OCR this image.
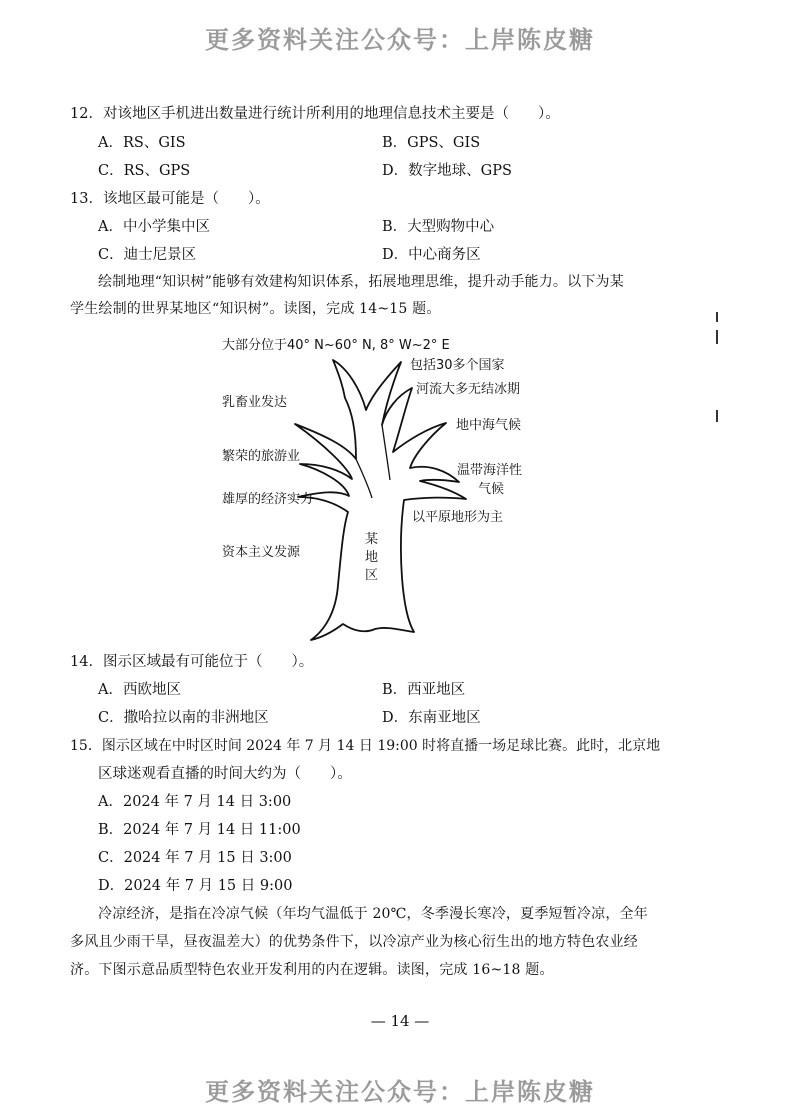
更多资料关注公众号：上岸陈皮糖
12．对该地区手机进出数量进行统计所利用的地理信息技术主要是（　　）。
A．RS、GIS	B．GPS、GIS
C．RS、GPS	D．数字地球、GPS
13．该地区最可能是（　　）。
A．中小学集中区	B．大型购物中心
C．迪士尼景区	D．中心商务区
绘制地理“知识树”能够有效建构知识体系，拓展地理思维，提升动手能力。以下为某
学生绘制的世界某地区“知识树”。读图，完成 14~15 题。
大部分位于40° N~60° N, 8° W~2° E
包括30多个国家
河流大多无结冰期
乳畜业发达
地中海气候
繁荣的旅游业
温带海洋性
气候
雄厚的经济实力
以平原地形为主
资本主义发源
某
地
区
14．图示区域最有可能位于（　　）。
A．西欧地区	B．西亚地区
C．撒哈拉以南的非洲地区	D．东南亚地区
15．图示区域在中时区时间 2024 年 7 月 14 日 19:00 时将直播一场足球比赛。此时，北京地
区球迷观看直播的时间大约为（　　）。
A．2024 年 7 月 14 日 3:00
B．2024 年 7 月 14 日 11:00
C．2024 年 7 月 15 日 3:00
D．2024 年 7 月 15 日 9:00
冷凉经济，是指在冷凉气候（年均气温低于 20℃，冬季漫长寒冷，夏季短暂冷凉，全年
多风且少雨干旱，昼夜温差大）的优势条件下，以冷凉产业为核心衍生出的地方特色农业经
济。下图示意品质型特色农业开发利用的内在逻辑。读图，完成 16~18 题。
— 14 —
更多资料关注公众号：上岸陈皮糖
